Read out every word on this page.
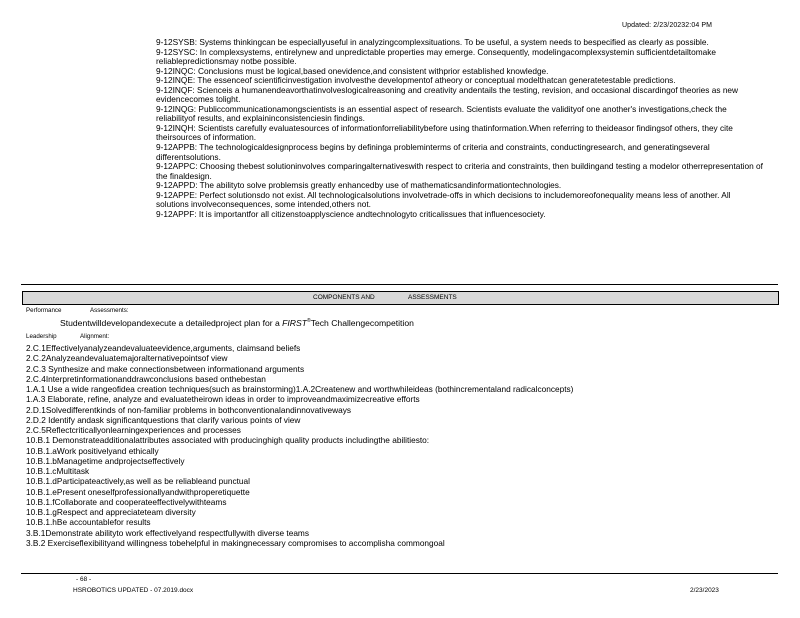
Updated: 2/23/20232:04 PM

9-12SYSB: Systems thinkingcan be especiallyuseful in analyzingcomplexsituations. To be useful, a system needs to bespecified as clearly as possible.

9-12SYSC: In complexsystems, entirelynew and unpredictable properties may emerge. Consequently, modelingacomplexsystemin sufficientdetailtomake reliablepredictionsmay notbe possible.

9-12INQC: Conclusions must be logical,based onevidence,and consistent withprior established knowledge.

9-12INQE: The essenceof scientificinvestigation involvesthe developmentof atheory or conceptual modelthatcan generatetestable predictions.

9-12INQF: Scienceis a humanendeavorthatinvolveslogicalreasoning and creativity andentails the testing, revision, and occasional discardingof theories as new evidencecomes tolight.

9-12INQG: Publiccommunicationamongscientists is an essential aspect of research. Scientists evaluate the validityof one another's investigations,check the reliabilityof results, and explaininconsistenciesin findings.

9-12INQH: Scientists carefully evaluatesources of informationforreliabilitybefore using thatinformation.When referring to theideasor findingsof others, they cite theirsources of information.

9-12APPB: The technologicaldesignprocess begins by defininga probleminterms of criteria and constraints, conductingresearch, and generatingseveral differentsolutions.

9-12APPC: Choosing thebest solutioninvolves comparingalternativeswith respect to criteria and constraints, then buildingand testing a modelor otherrepresentation of the finaldesign.

9-12APPD: The abilityto solve problemsis greatly enhancedby use of mathematicsandinformationtechnologies.

9-12APPE: Perfect solutionsdo not exist. All technologicalsolutions involvetrade-offs in which decisions to includemoreofonequality means less of another. All solutions involveconsequences, some intended,others not.

9-12APPF: It is importantfor all citizenstoapplyscience andtechnologyto criticalissues that influencesociety.

COMPONENTS AND	ASSESSMENTS
Performance	Assessments:
Studentwilldevelopandexecute a detailedproject plan for a FIRST®Tech Challengecompetition
Leadership	Alignment:

2.C.1Effectivelyanalyzeandevaluateevidence,arguments, claimsand beliefs

2.C.2Analyzeandevaluatemajoralternativepointsof view

2.C.3 Synthesize and make connectionsbetween informationand arguments

2.C.4Interpretinformationanddrawconclusions based onthebestan

1.A.1 Use a wide rangeofidea creation techniques(such as brainstorming)1.A.2Createnew and worthwhileideas (bothincrementaland radicalconcepts)

1.A.3 Elaborate, refine, analyze and evaluatetheirown ideas in order to improveandmaximizecreative efforts

2.D.1Solvedifferentkinds of non-familiar problems in bothconventionalandinnovativeways

2.D.2 Identify andask significantquestions that clarify various points of view

2.C.5Reflectcriticallyonlearningexperiences and processes

10.B.1 Demonstrateadditionalattributes associated with producinghigh quality products includingthe abilitiesto:

10.B.1.aWork positivelyand ethically

10.B.1.bManagetime andprojectseffectively

10.B.1.cMultitask

10.B.1.dParticipateactively,as well as be reliableand punctual

10.B.1.ePresent oneselfprofessionallyandwithproperetiquette

10.B.1.fCollaborate and cooperateeffectivelywithteams

10.B.1.gRespect and appreciateteam diversity

10.B.1.hBe accountablefor results

3.B.1Demonstrate abilityto work effectivelyand respectfullywith diverse teams

3.B.2 Exerciseflexibilityand willingness tobehelpful in makingnecessary compromises to accomplisha commongoal

- 68 -
HSROBOTICS UPDATED - 07.2019.docx	2/23/2023
